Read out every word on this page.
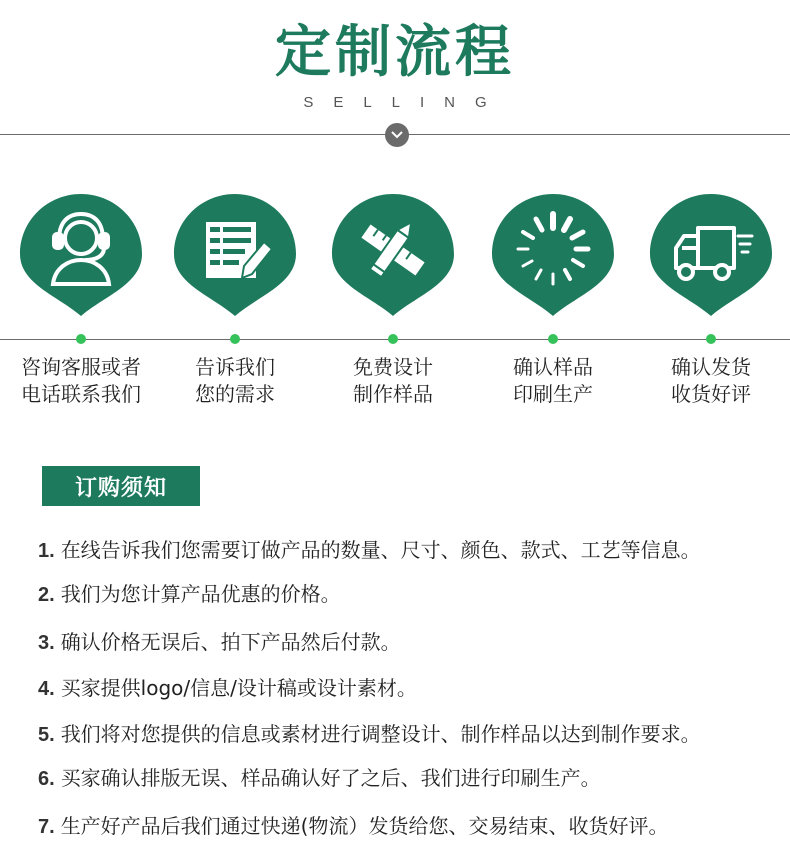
定制流程
SELLING
咨询客服或者
电话联系我们
告诉我们
您的需求
免费设计
制作样品
确认样品
印刷生产
确认发货
收货好评
订购须知
1. 在线告诉我们您需要订做产品的数量、尺寸、颜色、款式、工艺等信息。
2. 我们为您计算产品优惠的价格。
3. 确认价格无误后、拍下产品然后付款。
4. 买家提供logo/信息/设计稿或设计素材。
5. 我们将对您提供的信息或素材进行调整设计、制作样品以达到制作要求。
6. 买家确认排版无误、样品确认好了之后、我们进行印刷生产。
7. 生产好产品后我们通过快递(物流）发货给您、交易结束、收货好评。
